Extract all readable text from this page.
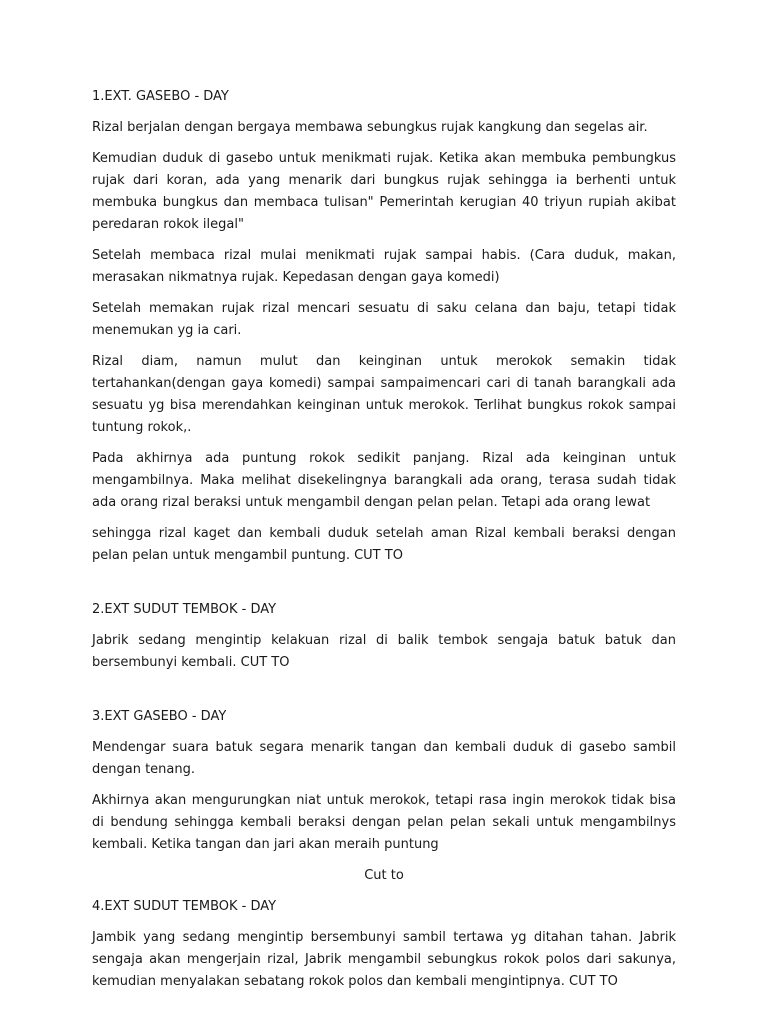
1.EXT. GASEBO - DAY

Rizal berjalan dengan bergaya membawa sebungkus rujak kangkung dan segelas air.

Kemudian duduk di gasebo untuk menikmati rujak. Ketika akan membuka pembungkus rujak dari koran, ada yang menarik dari bungkus rujak sehingga ia berhenti untuk membuka bungkus dan membaca tulisan" Pemerintah kerugian 40 triyun rupiah akibat peredaran rokok ilegal"

Setelah membaca rizal mulai menikmati rujak sampai habis. (Cara duduk, makan, merasakan nikmatnya rujak. Kepedasan dengan gaya komedi)

Setelah memakan rujak rizal mencari sesuatu di saku celana dan baju, tetapi tidak menemukan yg ia cari.

Rizal diam, namun mulut dan keinginan untuk merokok semakin tidak tertahankan(dengan gaya komedi) sampai sampaimencari cari di tanah barangkali ada sesuatu yg bisa merendahkan keinginan untuk merokok. Terlihat bungkus rokok sampai tuntung rokok,.

Pada akhirnya ada puntung rokok sedikit panjang. Rizal ada keinginan untuk mengambilnya. Maka melihat disekelingnya barangkali ada orang, terasa sudah tidak ada orang rizal beraksi untuk mengambil dengan pelan pelan. Tetapi ada orang lewat

sehingga rizal kaget dan kembali duduk setelah aman Rizal kembali beraksi dengan pelan pelan untuk mengambil puntung. CUT TO

2.EXT SUDUT TEMBOK - DAY

Jabrik sedang mengintip kelakuan rizal di balik tembok sengaja batuk batuk dan bersembunyi kembali. CUT TO

3.EXT GASEBO - DAY

Mendengar suara batuk segara menarik tangan dan kembali duduk di gasebo sambil dengan tenang.

Akhirnya akan mengurungkan niat untuk merokok, tetapi rasa ingin merokok tidak bisa di bendung sehingga kembali beraksi dengan pelan pelan sekali untuk mengambilnys kembali. Ketika tangan dan jari akan meraih puntung

Cut to

4.EXT SUDUT TEMBOK - DAY

Jambik yang sedang mengintip bersembunyi sambil tertawa yg ditahan tahan. Jabrik sengaja akan mengerjain rizal, Jabrik mengambil sebungkus rokok polos dari sakunya, kemudian menyalakan sebatang rokok polos dan kembali mengintipnya. CUT TO
